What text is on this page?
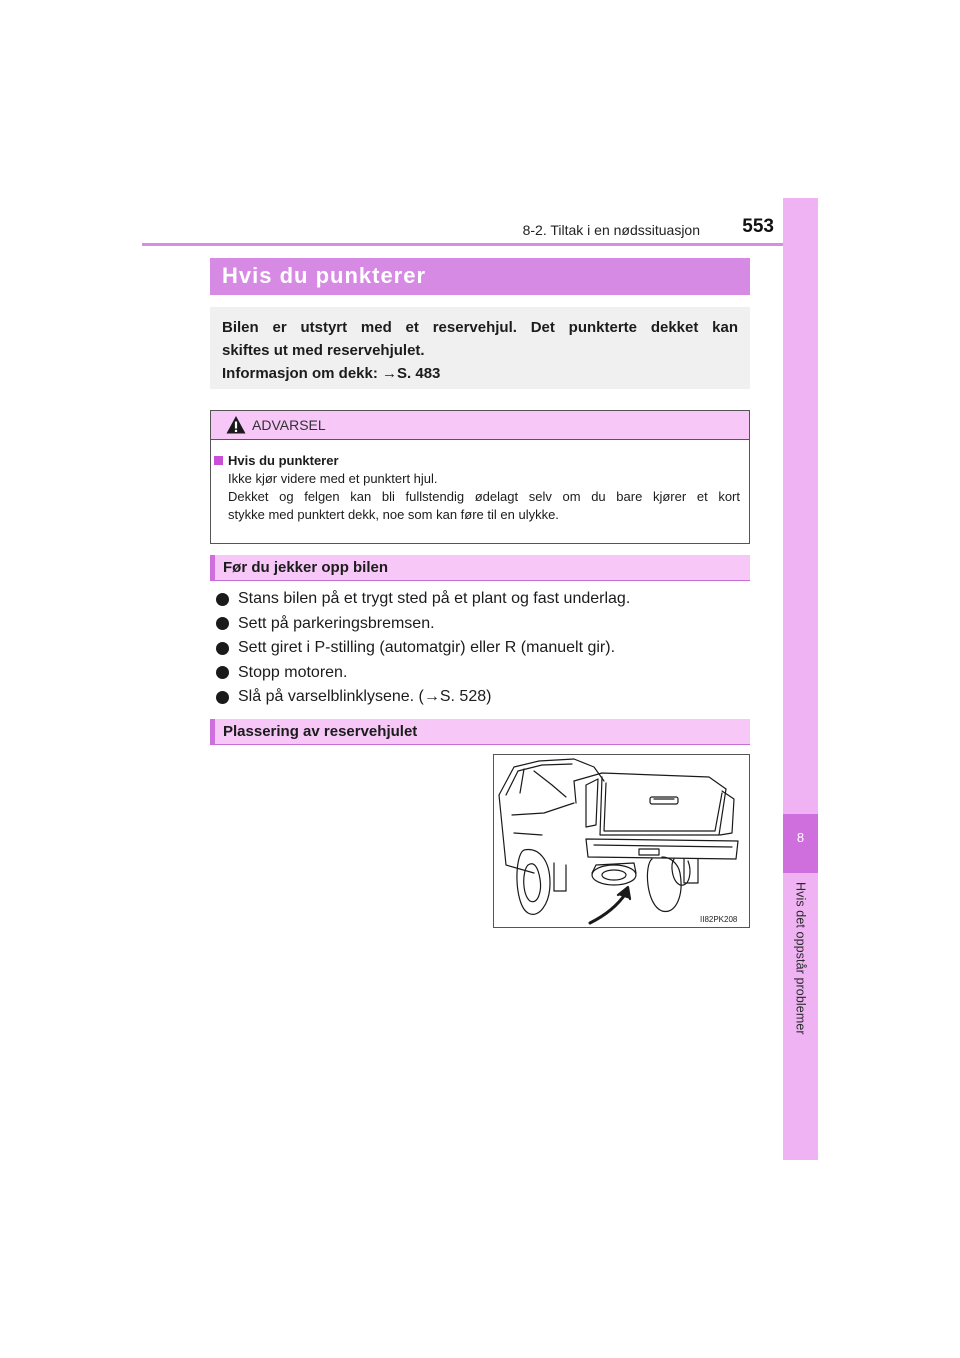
8-2. Tiltak i en nødssituasjon	553
8
Hvis det oppstår problemer
Hvis du punkterer
Bilen er utstyrt med et reservehjul. Det punkterte dekket kan
skiftes ut med reservehjulet.
Informasjon om dekk: →S. 483
ADVARSEL
Hvis du punkterer
Ikke kjør videre med et punktert hjul.
Dekket og felgen kan bli fullstendig ødelagt selv om du bare kjører et kort
stykke med punktert dekk, noe som kan føre til en ulykke.
Før du jekker opp bilen
Stans bilen på et trygt sted på et plant og fast underlag.
Sett på parkeringsbremsen.
Sett giret i P-stilling (automatgir) eller R (manuelt gir).
Stopp motoren.
Slå på varselblinklysene. (→S. 528)
Plassering av reservehjulet
II82PK208
